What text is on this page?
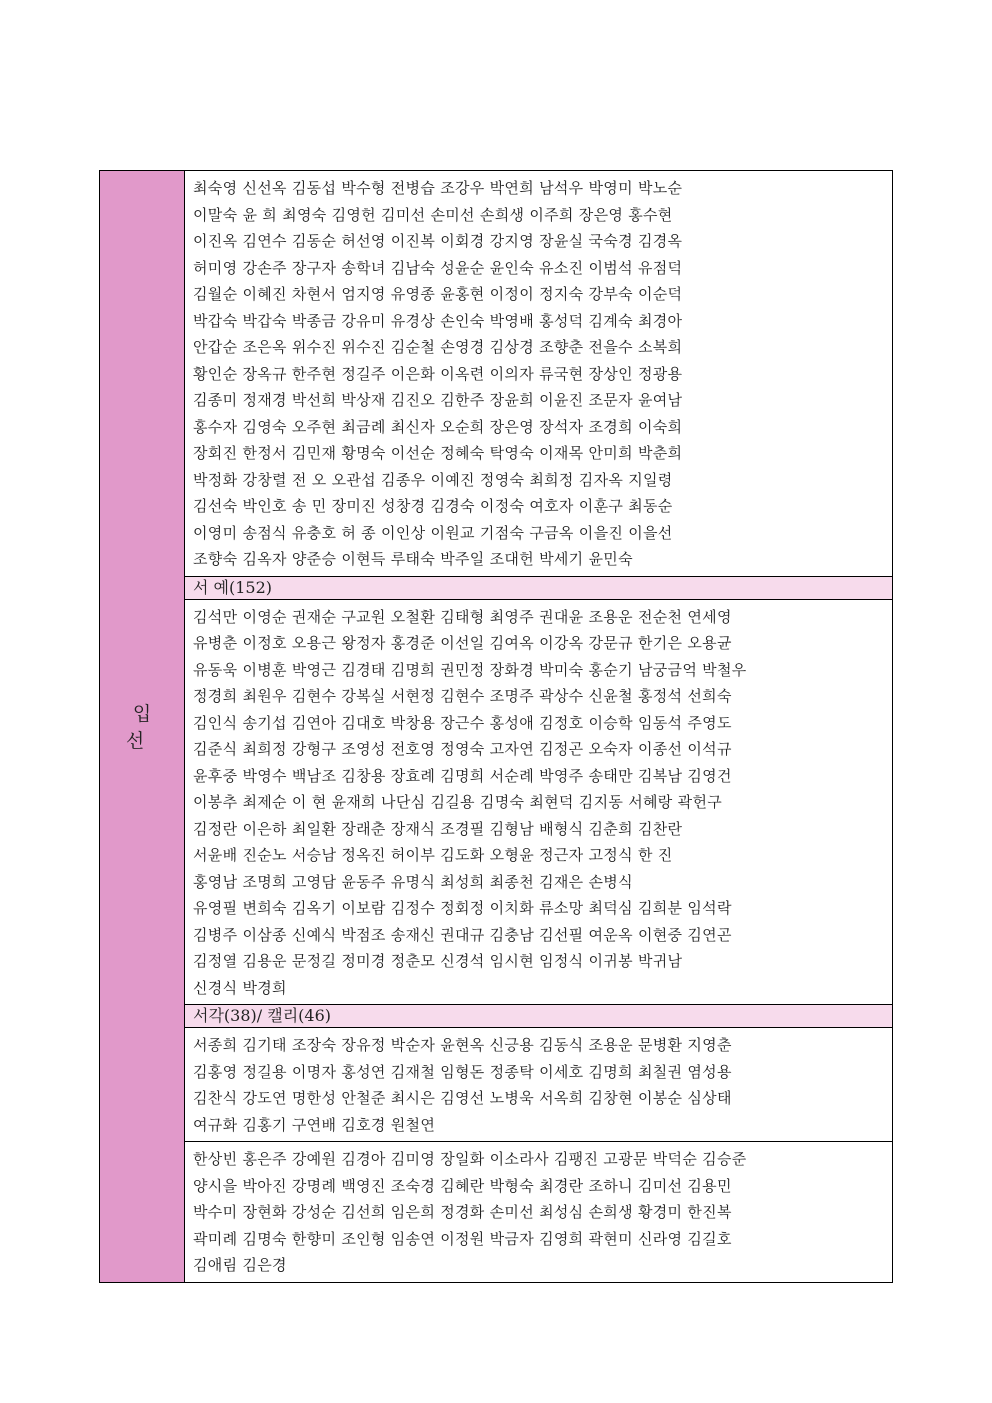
입 선	
최숙영 신선옥 김동섭 박수형 전병습 조강우 박연희 남석우 박영미 박노순
이말숙 윤 희 최영숙 김영헌 김미선 손미선 손희생 이주희 장은영 홍수현
이진옥 김연수 김동순 허선영 이진복 이회경 강지영 장윤실 국숙경 김경옥
허미영 강손주 장구자 송학녀 김남숙 성윤순 윤인숙 유소진 이범석 유점덕
김월순 이혜진 차현서 엄지영 유영종 윤홍현 이정이 정지숙 강부숙 이순덕
박갑숙 박갑숙 박종금 강유미 유경상 손인숙 박영배 홍성덕 김계숙 최경아
안갑순 조은옥 위수진 위수진 김순철 손영경 김상경 조향춘 전을수 소복희
황인순 장옥규 한주현 정길주 이은화 이옥련 이의자 류국현 장상인 정광용
김종미 정재경 박선희 박상재 김진오 김한주 장윤희 이윤진 조문자 윤여남
홍수자 김영숙 오주현 최금례 최신자 오순희 장은영 장석자 조경희 이숙희
장회진 한정서 김민재 황명숙 이선순 정혜숙 탁영숙 이재목 안미희 박춘희
박정화 강창렬 전 오 오관섭 김종우 이예진 정영숙 최희정 김자옥 지일령
김선숙 박인호 송 민 장미진 성창경 김경숙 이정숙 여호자 이훈구 최동순
이영미 송점식 유충호 허 종 이인상 이원교 기점숙 구금옥 이을진 이을선
조향숙 김옥자 양준승 이현득 루태숙 박주일 조대헌 박세기 윤민숙

서 예(152)

김석만 이영순 권재순 구교원 오철환 김태형 최영주 권대윤 조용운 전순천 연세영
유병춘 이정호 오용근 왕정자 홍경준 이선일 김여옥 이강옥 강문규 한기은 오용균
유동욱 이병훈 박영근 김경태 김명희 권민정 장화경 박미숙 홍순기 남궁금억 박철우
정경희 최원우 김현수 강복실 서현정 김현수 조명주 곽상수 신윤철 홍정석 선희숙
김인식 송기섭 김연아 김대호 박창용 장근수 홍성애 김정호 이승학 임동석 주영도
김준식 최희정 강형구 조영성 전호영 정영숙 고자연 김정곤 오숙자 이종선 이석규
윤후중 박영수 백남조 김창용 장효례 김명희 서순례 박영주 송태만 김복남 김영건
이봉추 최제순 이 현 윤재희 나단심 김길용 김명숙 최현덕 김지동 서혜랑 곽헌구
김정란 이은하 최일환 장래춘 장재식 조경필 김형남 배형식 김춘희 김찬란
서윤배 진순노 서승남 정옥진 허이부 김도화 오형윤 정근자 고정식 한 진
홍영남 조명희 고영담 윤동주 유명식 최성희 최종천 김재은 손병식
유영필 변희숙 김옥기 이보람 김정수 정회정 이치화 류소망 최덕심 김희분 임석락
김병주 이삼종 신예식 박점조 송재신 권대규 김충남 김선필 여운옥 이현중 김연곤
김정열 김용운 문정길 정미경 정춘모 신경석 임시현 임정식 이귀봉 박귀남
신경식 박경희

서각(38)/ 캘리(46)

서종희 김기태 조장숙 장유정 박순자 윤현옥 신긍용 김동식 조용운 문병환 지영춘
김홍영 정길용 이명자 홍성연 김재철 임형돈 정종탁 이세호 김명희 최칠권 염성용
김찬식 강도연 명한성 안철준 최시은 김영선 노병욱 서옥희 김창현 이봉순 심상태
여규화 김홍기 구연배 김호경 원철연

한상빈 홍은주 강예원 김경아 김미영 장일화 이소라사 김팽진 고광문 박덕순 김승준
양시을 박아진 강명례 백영진 조숙경 김혜란 박형숙 최경란 조하니 김미선 김용민
박수미 장현화 강성순 김선희 임은희 정경화 손미선 최성심 손희생 황경미 한진복
곽미례 김명숙 한향미 조인형 임송연 이정원 박금자 김영희 곽현미 신라영 김길호
김애림 김은경
